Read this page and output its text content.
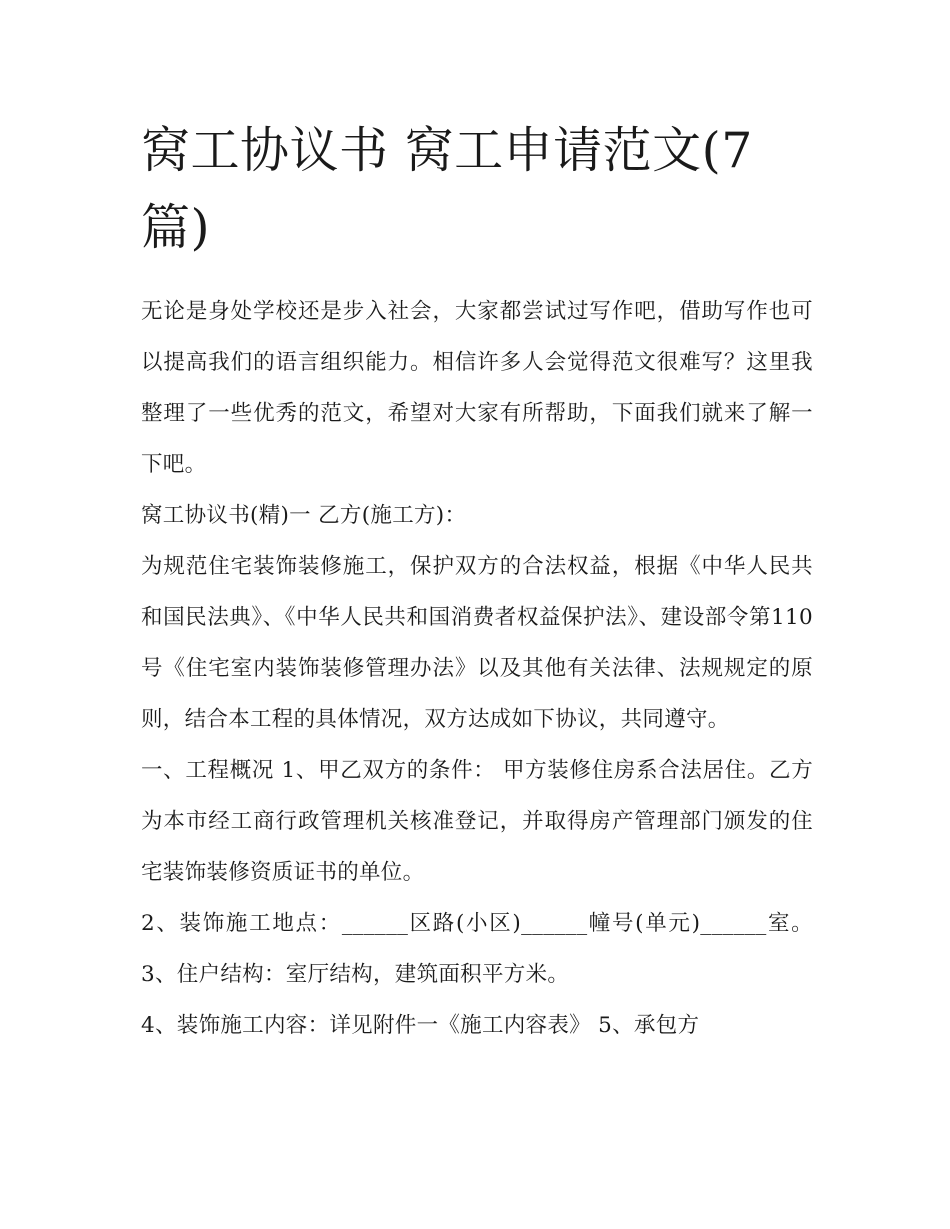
窝工协议书 窝工申请范文(7篇)

无论是身处学校还是步入社会，大家都尝试过写作吧，借助写作也可以提高我们的语言组织能力。相信许多人会觉得范文很难写？这里我整理了一些优秀的范文，希望对大家有所帮助，下面我们就来了解一下吧。

窝工协议书(精)一 乙方(施工方)：

为规范住宅装饰装修施工，保护双方的合法权益，根据《中华人民共和国民法典》、《中华人民共和国消费者权益保护法》、建设部令第110号《住宅室内装饰装修管理办法》以及其他有关法律、法规规定的原则，结合本工程的具体情况，双方达成如下协议，共同遵守。

一、工程概况 1、甲乙双方的条件： 甲方装修住房系合法居住。乙方为本市经工商行政管理机关核准登记，并取得房产管理部门颁发的住宅装饰装修资质证书的单位。

2、装饰施工地点：______区路(小区)______幢号(单元)______室。 3、住户结构：室厅结构，建筑面积平方米。

4、装饰施工内容：详见附件一《施工内容表》 5、承包方
